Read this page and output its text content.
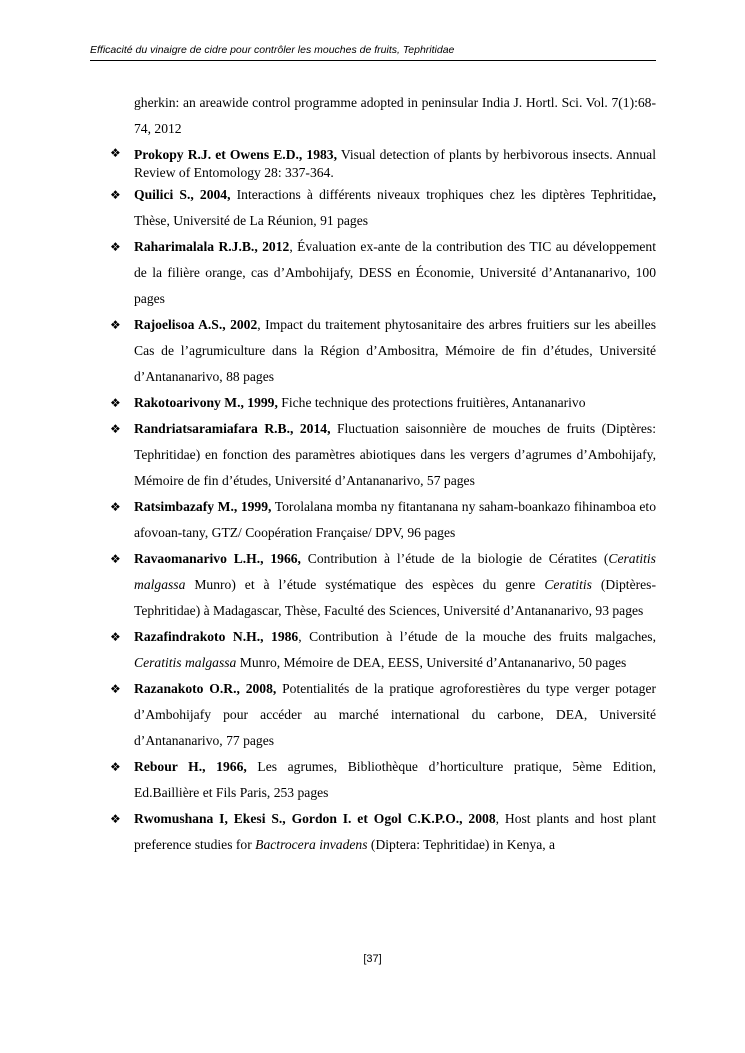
Efficacité du vinaigre de cidre pour contrôler les mouches de fruits, Tephritidae
gherkin: an areawide control programme adopted in peninsular India J. Hortl. Sci. Vol. 7(1):68-74, 2012
❖ Prokopy R.J. et Owens E.D., 1983, Visual detection of plants by herbivorous insects. Annual Review of Entomology 28: 337-364.
❖ Quilici S., 2004, Interactions à différents niveaux trophiques chez les diptères Tephritidae, Thèse, Université de La Réunion, 91 pages
❖ Raharimalala R.J.B., 2012, Évaluation ex-ante de la contribution des TIC au développement de la filière orange, cas d’Ambohijafy, DESS en Économie, Université d’Antananarivo, 100 pages
❖ Rajoelisoa A.S., 2002, Impact du traitement phytosanitaire des arbres fruitiers sur les abeilles Cas de l’agrumiculture dans la Région d’Ambositra, Mémoire de fin d’études, Université d’Antananarivo, 88 pages
❖ Rakotoarivony M., 1999, Fiche technique des protections fruitières, Antananarivo
❖ Randriatsaramiafara R.B., 2014, Fluctuation saisonnière de mouches de fruits (Diptères: Tephritidae) en fonction des paramètres abiotiques dans les vergers d’agrumes d’Ambohijafy, Mémoire de fin d’études, Université d’Antananarivo, 57 pages
❖ Ratsimbazafy M., 1999, Torolalana momba ny fitantanana ny saham-boankazo fihinamboa eto afovoan-tany, GTZ/ Coopération Française/ DPV, 96 pages
❖ Ravaomanarivo L.H., 1966, Contribution à l’étude de la biologie de Cératites (Ceratitis malgassa Munro) et à l’étude systématique des espèces du genre Ceratitis (Diptères- Tephritidae) à Madagascar, Thèse, Faculté des Sciences, Université d’Antananarivo, 93 pages
❖ Razafindrakoto N.H., 1986, Contribution à l’étude de la mouche des fruits malgaches, Ceratitis malgassa Munro, Mémoire de DEA, EESS, Université d’Antananarivo, 50 pages
❖ Razanakoto O.R., 2008, Potentialités de la pratique agroforestières du type verger potager d’Ambohijafy pour accéder au marché international du carbone, DEA, Université d’Antananarivo, 77 pages
❖ Rebour H., 1966, Les agrumes, Bibliothèque d’horticulture pratique, 5ème Edition, Ed.Baillière et Fils Paris, 253 pages
❖ Rwomushana I, Ekesi S., Gordon I. et Ogol C.K.P.O., 2008, Host plants and host plant preference studies for Bactrocera invadens (Diptera: Tephritidae) in Kenya, a
[37]
